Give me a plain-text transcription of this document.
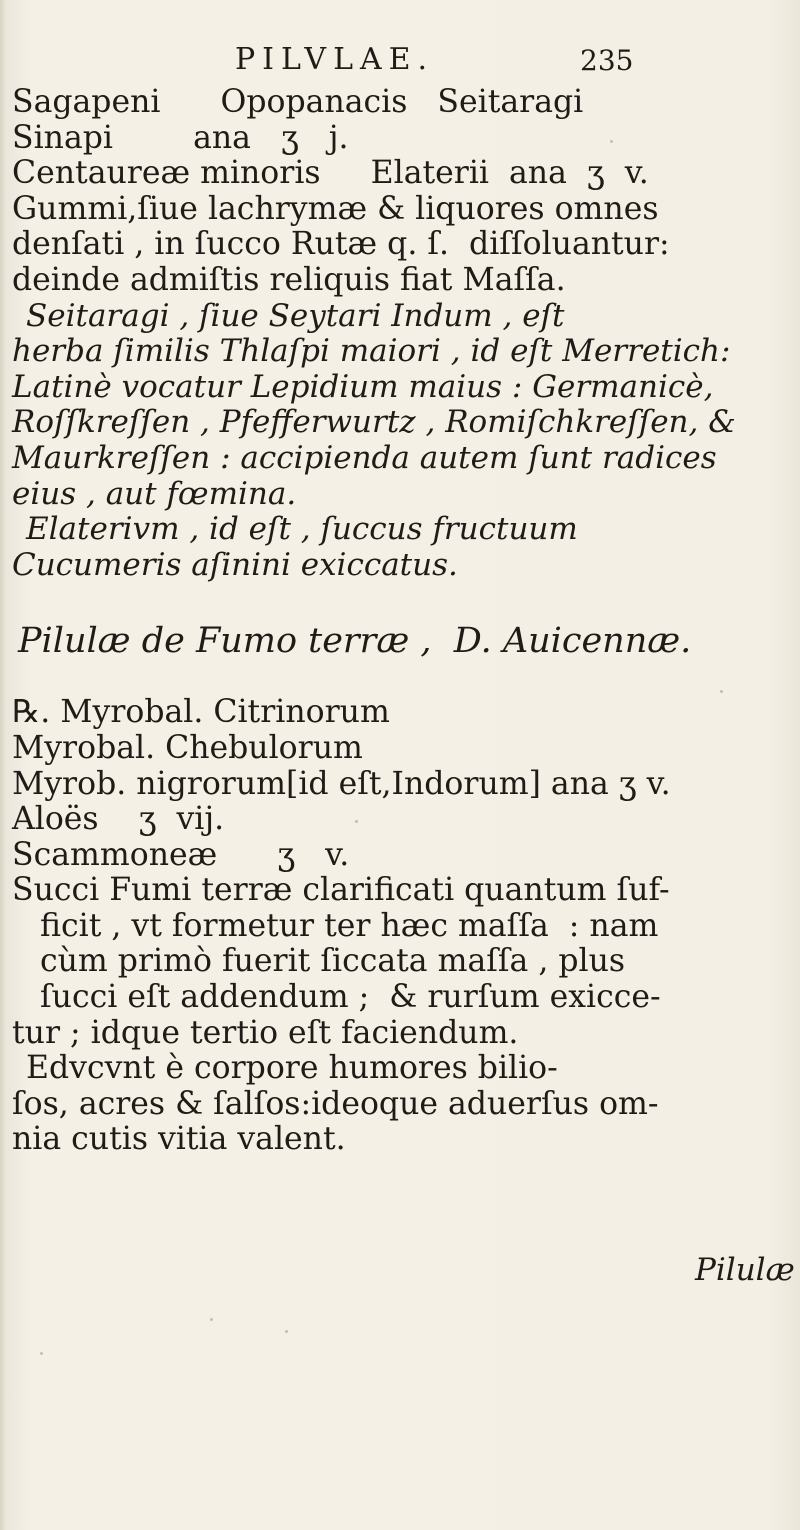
PILVLAE.	235
Sagapeni      Opopanacis   Seitaragi
Sinapi        ana   ʒ   j.
Centaureæ minoris     Elaterii  ana  ʒ  v.
Gummi,ſiue lachrymæ & liquores omnes
denſati , in ſucco Rutæ q. ſ.  diſſoluantur:
deinde admiſtis reliquis fiat Maſſa.
Seitaragi , ſiue Seytari Indum , eſt
herba ſimilis Thlaſpi maiori , id eſt Merretich:
Latinè vocatur Lepidium maius : Germanicè,
Roſſkreſſen , Pfefferwurtz , Romiſchkreſſen, &
Maurkreſſen : accipienda autem ſunt radices
eius , aut fœmina.
Elaterivm , id eſt , ſuccus fructuum
Cucumeris aſinini exiccatus.
Pilulæ de Fumo terræ ,  D. Auicennæ.
℞. Myrobal. Citrinorum
Myrobal. Chebulorum
Myrob. nigrorum[id eſt,Indorum] ana ʒ v.
Aloës    ʒ  vij.
Scammoneæ      ʒ   v.
Succi Fumi terræ clarificati quantum ſuf-
ficit , vt formetur ter hæc maſſa  : nam
cùm primò fuerit ſiccata maſſa , plus
ſucci eſt addendum ;  & rurſum exicce-
tur ; idque tertio eſt faciendum.
Edvcvnt è corpore humores bilio-
ſos, acres & ſalſos:ideoque aduerſus om-
nia cutis vitia valent.
Pilulæ
